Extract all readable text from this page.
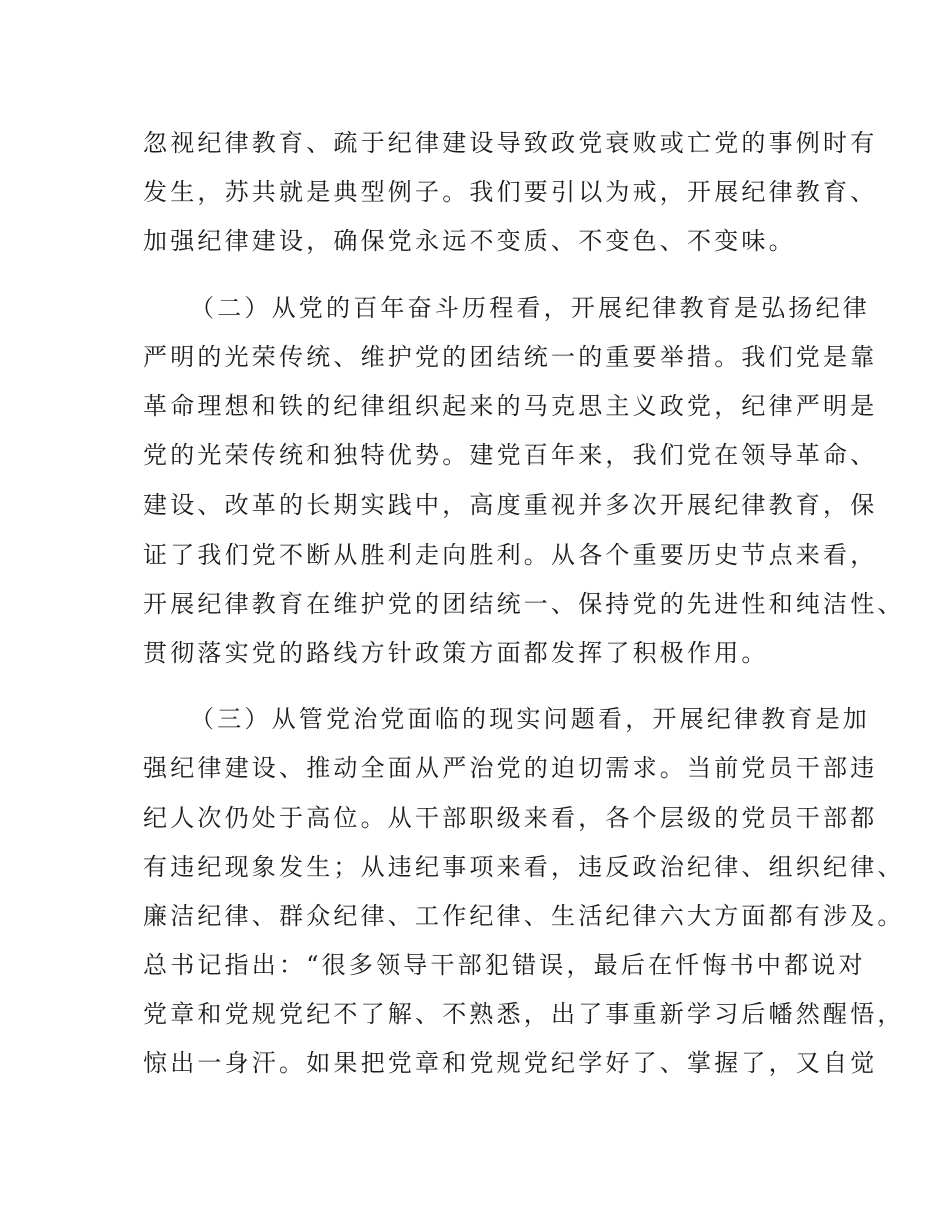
忽视纪律教育、疏于纪律建设导致政党衰败或亡党的事例时有
发生，苏共就是典型例子。我们要引以为戒，开展纪律教育、
加强纪律建设，确保党永远不变质、不变色、不变味。
（二）从党的百年奋斗历程看，开展纪律教育是弘扬纪律
严明的光荣传统、维护党的团结统一的重要举措。我们党是靠
革命理想和铁的纪律组织起来的马克思主义政党，纪律严明是
党的光荣传统和独特优势。建党百年来，我们党在领导革命、
建设、改革的长期实践中，高度重视并多次开展纪律教育，保
证了我们党不断从胜利走向胜利。从各个重要历史节点来看，
开展纪律教育在维护党的团结统一、保持党的先进性和纯洁性、
贯彻落实党的路线方针政策方面都发挥了积极作用。
（三）从管党治党面临的现实问题看，开展纪律教育是加
强纪律建设、推动全面从严治党的迫切需求。当前党员干部违
纪人次仍处于高位。从干部职级来看，各个层级的党员干部都
有违纪现象发生；从违纪事项来看，违反政治纪律、组织纪律、
廉洁纪律、群众纪律、工作纪律、生活纪律六大方面都有涉及。
总书记指出：“很多领导干部犯错误，最后在忏悔书中都说对
党章和党规党纪不了解、不熟悉，出了事重新学习后幡然醒悟，
惊出一身汗。如果把党章和党规党纪学好了、掌握了，又自觉
